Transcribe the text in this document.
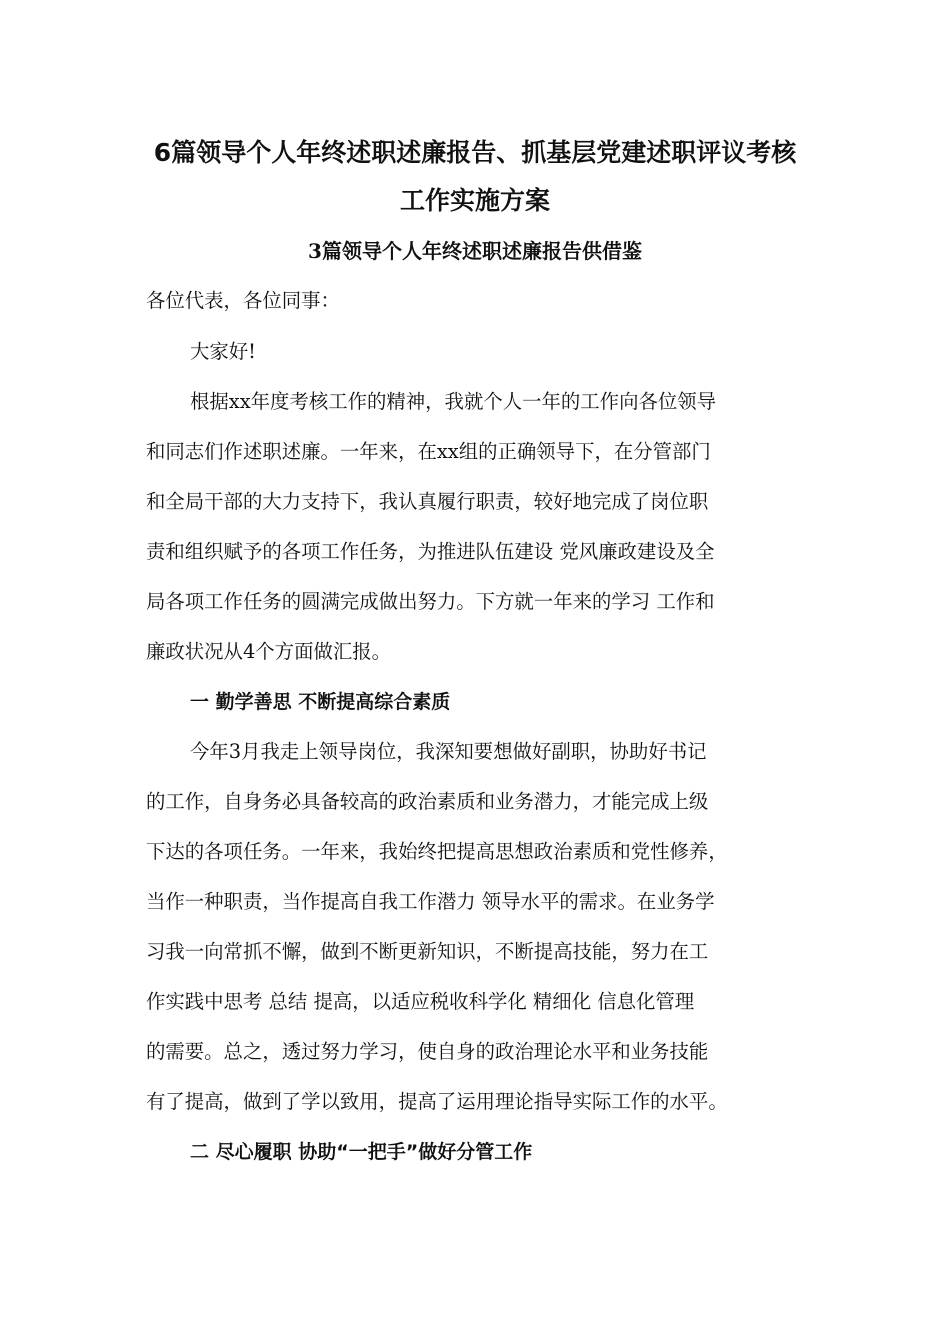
6篇领导个人年终述职述廉报告、抓基层党建述职评议考核
工作实施方案
3篇领导个人年终述职述廉报告供借鉴
各位代表，各位同事：
大家好!
根据xx年度考核工作的精神，我就个人一年的工作向各位领导
和同志们作述职述廉。一年来，在xx组的正确领导下，在分管部门
和全局干部的大力支持下，我认真履行职责，较好地完成了岗位职
责和组织赋予的各项工作任务，为推进队伍建设 党风廉政建设及全
局各项工作任务的圆满完成做出努力。下方就一年来的学习 工作和
廉政状况从4个方面做汇报。
一 勤学善思 不断提高综合素质
今年3月我走上领导岗位，我深知要想做好副职，协助好书记
的工作，自身务必具备较高的政治素质和业务潜力，才能完成上级
下达的各项任务。一年来，我始终把提高思想政治素质和党性修养，
当作一种职责，当作提高自我工作潜力 领导水平的需求。在业务学
习我一向常抓不懈，做到不断更新知识，不断提高技能，努力在工
作实践中思考 总结 提高，以适应税收科学化 精细化 信息化管理
的需要。总之，透过努力学习，使自身的政治理论水平和业务技能
有了提高，做到了学以致用，提高了运用理论指导实际工作的水平。
二 尽心履职 协助“一把手”做好分管工作
